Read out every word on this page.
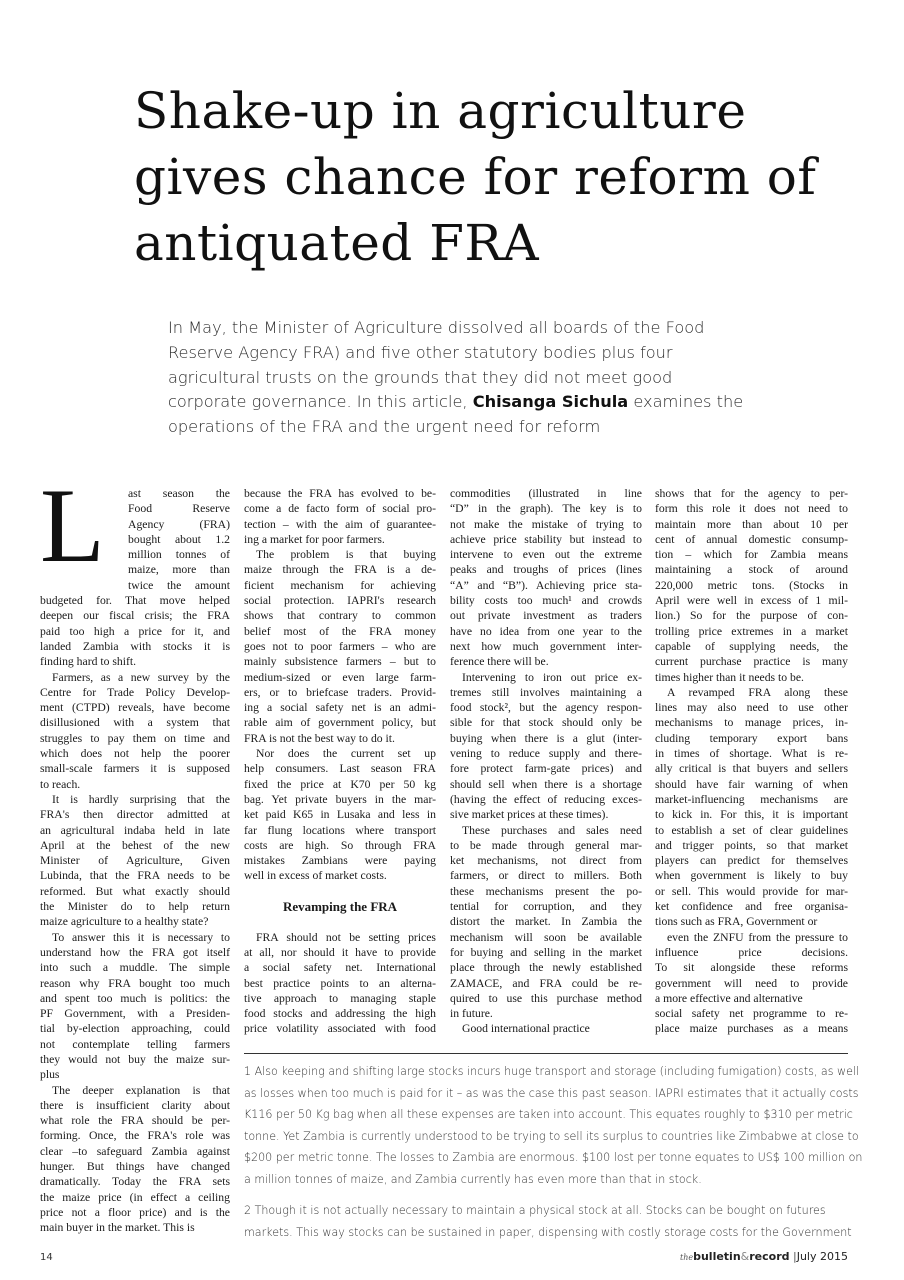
Shake-up in agriculture
gives chance for reform of
antiquated FRA
In May, the Minister of Agriculture dissolved all boards of the Food
Reserve Agency FRA) and five other statutory bodies plus four
agricultural trusts on the grounds that they did not meet good
corporate governance. In this article, Chisanga Sichula examines the
operations of the FRA and the urgent need for reform
L	ast season the

Food Reserve

Agency (FRA)

bought about 1.2

million tonnes of

maize, more than

twice the amount

budgeted for. That move helped

deepen our fiscal crisis; the FRA

paid too high a price for it, and

landed Zambia with stocks it is

finding hard to shift.

Farmers, as a new survey by the

Centre for Trade Policy Develop-

ment (CTPD) reveals, have become

disillusioned with a system that

struggles to pay them on time and

which does not help the poorer

small-scale farmers it is supposed

to reach.

It is hardly surprising that the

FRA's then director admitted at

an agricultural indaba held in late

April at the behest of the new

Minister of Agriculture, Given

Lubinda, that the FRA needs to be

reformed. But what exactly should

the Minister do to help return

maize agriculture to a healthy state?

To answer this it is necessary to

understand how the FRA got itself

into such a muddle. The simple

reason why FRA bought too much

and spent too much is politics: the

PF Government, with a Presiden-

tial by-election approaching, could

not contemplate telling farmers

they would not buy the maize sur-

plus

The deeper explanation is that

there is insufficient clarity about

what role the FRA should be per-

forming. Once, the FRA's role was

clear –to safeguard Zambia against

hunger. But things have changed

dramatically. Today the FRA sets

the maize price (in effect a ceiling

price not a floor price) and is the

main buyer in the market. This is

because the FRA has evolved to be-

come a de facto form of social pro-

tection – with the aim of guarantee-

ing a market for poor farmers.

The problem is that buying

maize through the FRA is a de-

ficient mechanism for achieving

social protection. IAPRI's research

shows that contrary to common

belief most of the FRA money

goes not to poor farmers – who are

mainly subsistence farmers – but to

medium-sized or even large farm-

ers, or to briefcase traders. Provid-

ing a social safety net is an admi-

rable aim of government policy, but

FRA is not the best way to do it.

Nor does the current set up

help consumers. Last season FRA

fixed the price at K70 per 50 kg

bag. Yet private buyers in the mar-

ket paid K65 in Lusaka and less in

far flung locations where transport

costs are high. So through FRA

mistakes Zambians were paying

well in excess of market costs.

Revamping the FRA

FRA should not be setting prices

at all, nor should it have to provide

a social safety net. International

best practice points to an alterna-

tive approach to managing staple

food stocks and addressing the high

price volatility associated with food

commodities (illustrated in line

“D” in the graph). The key is to

not make the mistake of trying to

achieve price stability but instead to

intervene to even out the extreme

peaks and troughs of prices (lines

“A” and “B”). Achieving price sta-

bility costs too much¹ and crowds

out private investment as traders

have no idea from one year to the

next how much government inter-

ference there will be.

Intervening to iron out price ex-

tremes still involves maintaining a

food stock², but the agency respon-

sible for that stock should only be

buying when there is a glut (inter-

vening to reduce supply and there-

fore protect farm-gate prices) and

should sell when there is a shortage

(having the effect of reducing exces-

sive market prices at these times).

These purchases and sales need

to be made through general mar-

ket mechanisms, not direct from

farmers, or direct to millers. Both

these mechanisms present the po-

tential for corruption, and they

distort the market. In Zambia the

mechanism will soon be available

for buying and selling in the market

place through the newly established

ZAMACE, and FRA could be re-

quired to use this purchase method

in future.

Good international practice

shows that for the agency to per-

form this role it does not need to

maintain more than about 10 per

cent of annual domestic consump-

tion – which for Zambia means

maintaining a stock of around

220,000 metric tons. (Stocks in

April were well in excess of 1 mil-

lion.) So for the purpose of con-

trolling price extremes in a market

capable of supplying needs, the

current purchase practice is many

times higher than it needs to be.

A revamped FRA along these

lines may also need to use other

mechanisms to manage prices, in-

cluding temporary export bans

in times of shortage. What is re-

ally critical is that buyers and sellers

should have fair warning of when

market-influencing mechanisms are

to kick in. For this, it is important

to establish a set of clear guidelines

and trigger points, so that market

players can predict for themselves

when government is likely to buy

or sell. This would provide for mar-

ket confidence and free organisa-

tions such as FRA, Government or

even the ZNFU from the pressure to

influence price decisions.

To sit alongside these reforms

government will need to provide

a more effective and alternative

social safety net programme to re-

place maize purchases as a means

1 Also keeping and shifting large stocks incurs huge transport and storage (including fumigation) costs, as well
as losses when too much is paid for it – as was the case this past season. IAPRI estimates that it actually costs
K116 per 50 Kg bag when all these expenses are taken into account. This equates roughly to $310 per metric
tonne. Yet Zambia is currently understood to be trying to sell its surplus to countries like Zimbabwe at close to
$200 per metric tonne. The losses to Zambia are enormous. $100 lost per tonne equates to US$ 100 million on
a million tonnes of maize, and Zambia currently has even more than that in stock.
2 Though it is not actually necessary to maintain a physical stock at all. Stocks can be bought on futures
markets. This way stocks can be sustained in paper, dispensing with costly storage costs for the Government
14	thebulletin&record |July 2015
